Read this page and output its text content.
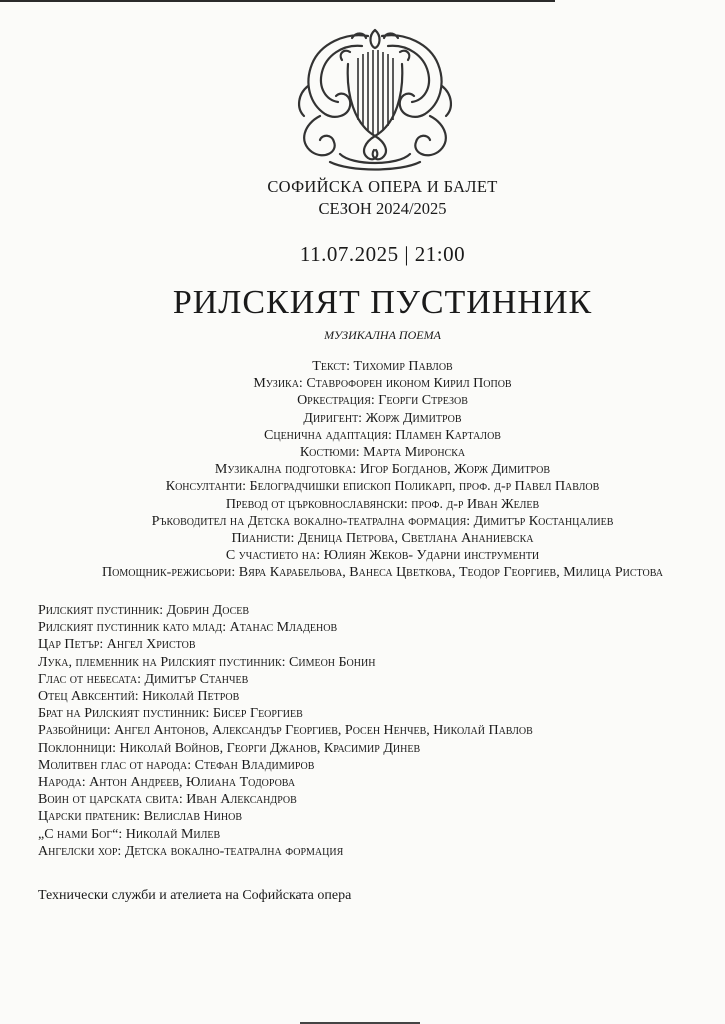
СОФИЙСКА ОПЕРА И БАЛЕТ
СЕЗОН 2024/2025
11.07.2025 | 21:00
РИЛСКИЯТ ПУСТИННИК
МУЗИКАЛНА ПОЕМА
Текст: Тихомир Павлов
Музика: Ставрофорен иконом Кирил Попов
Оркестрация: Георги Стрезов
Диригент: Жорж Димитров
Сценична адаптация: Пламен Карталов
Костюми: Марта Миронска
Музикална подготовка: Игор Богданов, Жорж Димитров
Консултанти: Белоградчишки епископ Поликарп, проф. д-р Павел Павлов
Превод от църковнославянски: проф. д-р Иван Желев
Ръководител на Детска вокално-театрална формация: Димитър Костанцалиев
Пианисти: Деница Петрова, Светлана Ананиевска
С участието на: Юлиян Жеков- Ударни инструменти
Помощник-режисьори: Вяра Карабельова, Ванеса Цветкова, Теодор Георгиев, Милица Ристова
Рилският пустинник: Добрин Досев
Рилският пустинник като млад: Атанас Младенов
Цар Петър: Ангел Христов
Лука, племенник на Рилският пустинник: Симеон Бонин
Глас от небесата: Димитър Станчев
Отец Авксентий: Николай Петров
Брат на Рилският пустинник: Бисер Георгиев
Разбойници: Ангел Антонов, Александър Георгиев, Росен Ненчев, Николай Павлов
Поклонници: Николай Войнов, Георги Джанов, Красимир Динев
Молитвен глас от народа: Стефан Владимиров
Народа: Антон Андреев, Юлиана Тодорова
Воин от царската свита: Иван Александров
Царски пратеник: Велислав Нинов
„С нами Бог“: Николай Милев
Ангелски хор: Детска вокално-театрална формация
Технически служби и ателиета на Софийската опера
